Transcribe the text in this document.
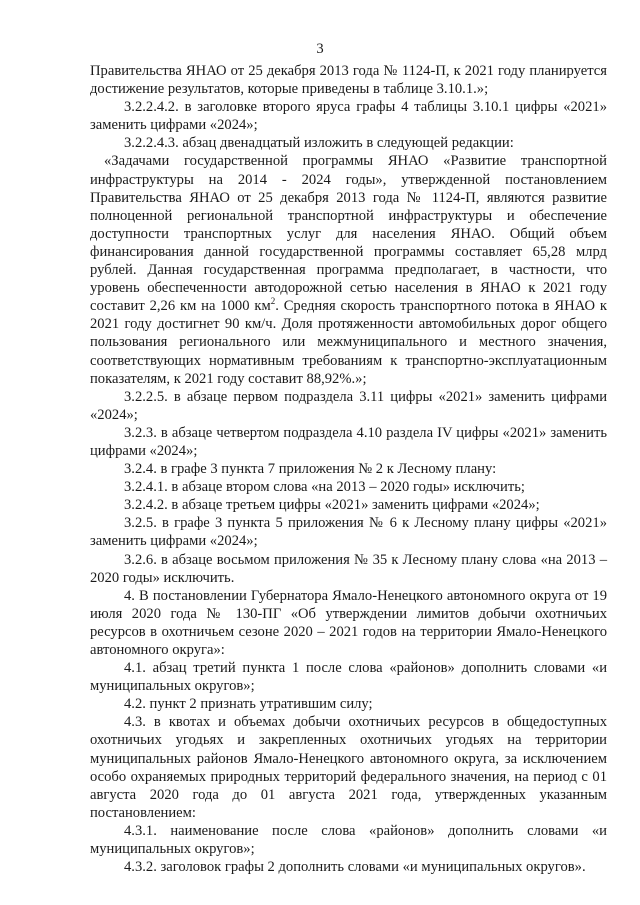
3

Правительства ЯНАО от 25 декабря 2013 года № 1124-П, к 2021 году планируется достижение результатов, которые приведены в таблице 3.10.1.»;

3.2.2.4.2. в заголовке второго яруса графы 4 таблицы 3.10.1 цифры «2021» заменить цифрами «2024»;

3.2.2.4.3. абзац двенадцатый изложить в следующей редакции:

«Задачами государственной программы ЯНАО «Развитие транспортной инфраструктуры на 2014 - 2024 годы», утвержденной постановлением Правительства ЯНАО от 25 декабря 2013 года № 1124-П, являются развитие полноценной региональной транспортной инфраструктуры и обеспечение доступности транспортных услуг для населения ЯНАО. Общий объем финансирования данной государственной программы составляет 65,28 млрд рублей. Данная государственная программа предполагает, в частности, что уровень обеспеченности автодорожной сетью населения в ЯНАО к 2021 году составит 2,26 км на 1000 $км^2$. Средняя скорость транспортного потока в ЯНАО к 2021 году достигнет 90 км/ч. Доля протяженности автомобильных дорог общего пользования регионального или межмуниципального и местного значения, соответствующих нормативным требованиям к транспортно-эксплуатационным показателям, к 2021 году составит 88,92%.»;

3.2.2.5. в абзаце первом подраздела 3.11 цифры «2021» заменить цифрами «2024»;

3.2.3. в абзаце четвертом подраздела 4.10 раздела IV цифры «2021» заменить цифрами «2024»;

3.2.4. в графе 3 пункта 7 приложения № 2 к Лесному плану:

3.2.4.1. в абзаце втором слова «на 2013 – 2020 годы» исключить;

3.2.4.2. в абзаце третьем цифры «2021» заменить цифрами «2024»;

3.2.5. в графе 3 пункта 5 приложения № 6 к Лесному плану цифры «2021» заменить цифрами «2024»;

3.2.6. в абзаце восьмом приложения № 35 к Лесному плану слова «на 2013 – 2020 годы» исключить.

4. В постановлении Губернатора Ямало-Ненецкого автономного округа от 19 июля 2020 года № 130-ПГ «Об утверждении лимитов добычи охотничьих ресурсов в охотничьем сезоне 2020 – 2021 годов на территории Ямало-Ненецкого автономного округа»:

4.1. абзац третий пункта 1 после слова «районов» дополнить словами «и муниципальных округов»;

4.2. пункт 2 признать утратившим силу;

4.3. в квотах и объемах добычи охотничьих ресурсов в общедоступных охотничьих угодьях и закрепленных охотничьих угодьях на территории муниципальных районов Ямало-Ненецкого автономного округа, за исключением особо охраняемых природных территорий федерального значения, на период с 01 августа 2020 года до 01 августа 2021 года, утвержденных указанным постановлением:

4.3.1. наименование после слова «районов» дополнить словами «и муниципальных округов»;

4.3.2. заголовок графы 2 дополнить словами «и муниципальных округов».
